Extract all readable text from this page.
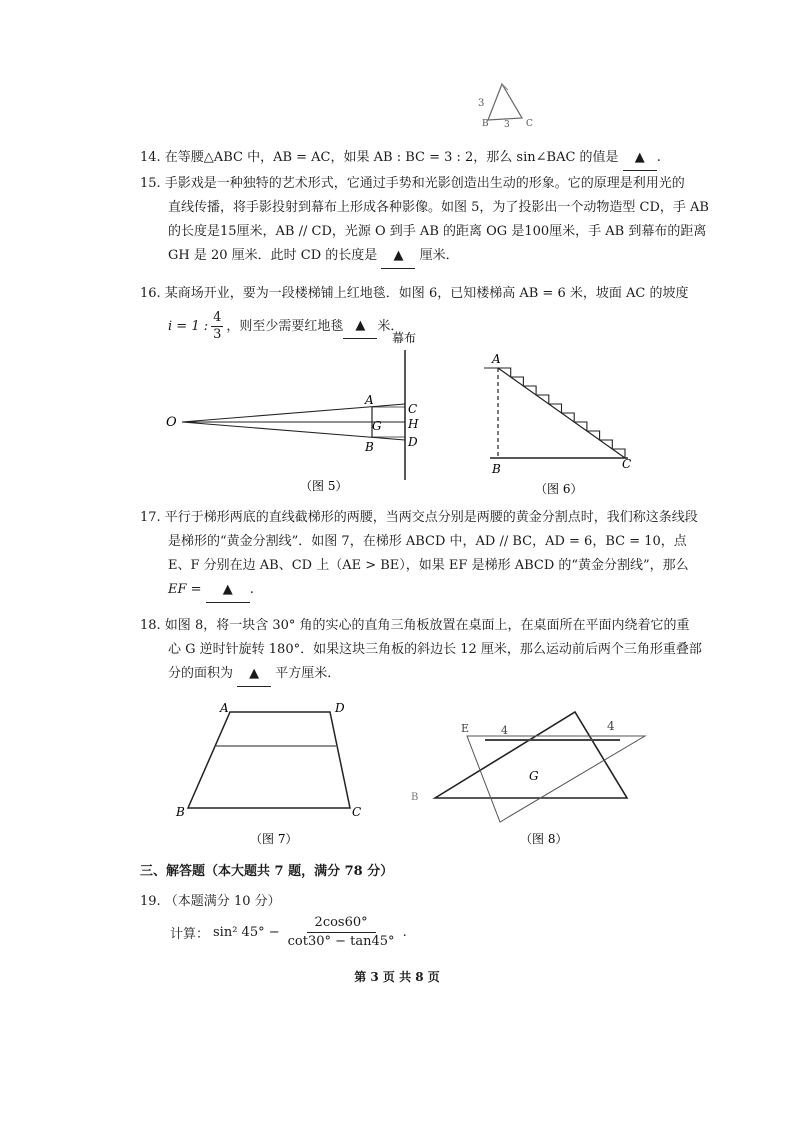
3
B 3 C
14. 在等腰△ABC 中，AB = AC，如果 AB : BC = 3 : 2，那么 sin∠BAC 的值是 ▲ .
15. 手影戏是一种独特的艺术形式，它通过手势和光影创造出生动的形象。它的原理是利用光的
直线传播，将手影投射到幕布上形成各种影像。如图 5，为了投影出一个动物造型 CD，手 AB
的长度是15厘米，AB // CD，光源 O 到手 AB 的距离 OG 是100厘米，手 AB 到幕布的距离
GH 是 20 厘米．此时 CD 的长度是 ▲ 厘米．
16. 某商场开业，要为一段楼梯铺上红地毯．如图 6，已知楼梯高 AB = 6 米，坡面 AC 的坡度
i = 1 :
4
3
，则至少需要红地毯 ▲ 米．
幕布
O
A
G
B
C
H
D
（图 5）
A
B	C
（图 6）
17. 平行于梯形两底的直线截梯形的两腰，当两交点分别是两腰的黄金分割点时，我们称这条线段
是梯形的“黄金分割线”．如图 7，在梯形 ABCD 中，AD // BC，AD = 6，BC = 10，点
E、F 分别在边 AB、CD 上（AE > BE），如果 EF 是梯形 ABCD 的“黄金分割线”，那么
EF = ▲ .
18. 如图 8，将一块含 30° 角的实心的直角三角板放置在桌面上，在桌面所在平面内绕着它的重
心 G 逆时针旋转 180°．如果这块三角板的斜边长 12 厘米，那么运动前后两个三角形重叠部
分的面积为 ▲ 平方厘米．
A	D
B	C
（图 7）
E	4	4
G
B
（图 8）
三、解答题（本大题共 7 题，满分 78 分）
19. （本题满分 10 分）
计算： sin² $45^\circ - \frac{2\cos 60^\circ}{\cot 30^\circ - \tan 45^\circ}$ .
第 3 页 共 8 页
